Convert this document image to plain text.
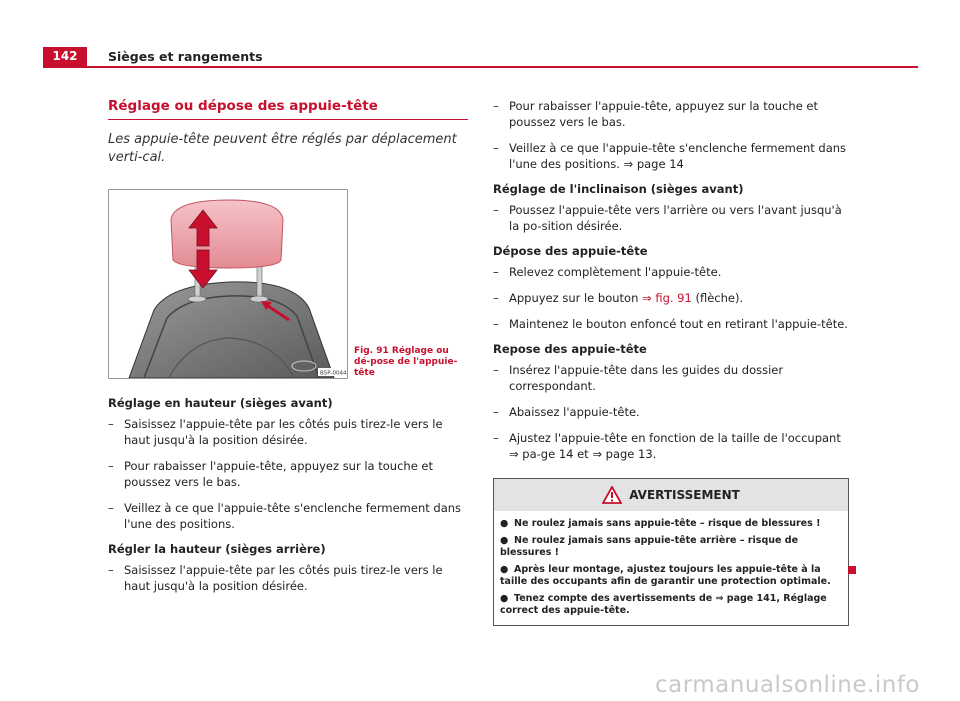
142	Sièges et rangements
Réglage ou dépose des appuie-tête
Les appuie-tête peuvent être réglés par déplacement verti-cal.
B5P-0044
Fig. 91 Réglage ou dé-pose de l'appuie-tête
Réglage en hauteur (sièges avant)
– Saisissez l'appuie-tête par les côtés puis tirez-le vers le haut jusqu'à la position désirée.
– Pour rabaisser l'appuie-tête, appuyez sur la touche et poussez vers le bas.
– Veillez à ce que l'appuie-tête s'enclenche fermement dans l'une des positions.
Régler la hauteur (sièges arrière)
– Saisissez l'appuie-tête par les côtés puis tirez-le vers le haut jusqu'à la position désirée.
– Pour rabaisser l'appuie-tête, appuyez sur la touche et poussez vers le bas.
– Veillez à ce que l'appuie-tête s'enclenche fermement dans l'une des positions. ⇒ page 14
Réglage de l'inclinaison (sièges avant)
– Poussez l'appuie-tête vers l'arrière ou vers l'avant jusqu'à la po-sition désirée.
Dépose des appuie-tête
– Relevez complètement l'appuie-tête.
– Appuyez sur le bouton ⇒ fig. 91 (flèche).
– Maintenez le bouton enfoncé tout en retirant l'appuie-tête.
Repose des appuie-tête
– Insérez l'appuie-tête dans les guides du dossier correspondant.
– Abaissez l'appuie-tête.
– Ajustez l'appuie-tête en fonction de la taille de l'occupant ⇒ pa-ge 14 et ⇒ page 13.
AVERTISSEMENT
● Ne roulez jamais sans appuie-tête – risque de blessures !
● Ne roulez jamais sans appuie-tête arrière – risque de blessures !
● Après leur montage, ajustez toujours les appuie-tête à la taille des occupants afin de garantir une protection optimale.
● Tenez compte des avertissements de ⇒ page 141, Réglage correct des appuie-tête.
carmanualsonline.info
